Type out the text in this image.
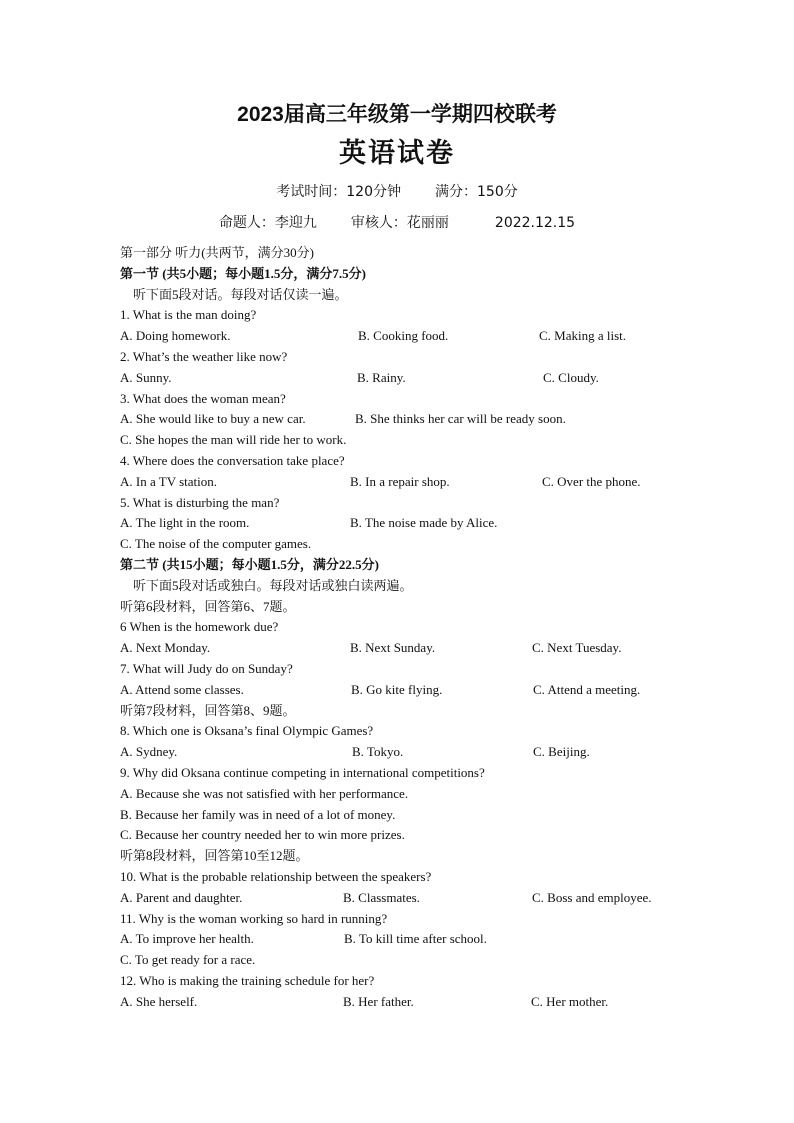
2023届高三年级第一学期四校联考
英语试卷
考试时间：120分钟 满分：150分
命题人：李迎九 审核人：花丽丽	2022.12.15
第一部分 听力(共两节，满分30分)
第一节 (共5小题；每小题1.5分，满分7.5分)
听下面5段对话。每段对话仅读一遍。
1. What is the man doing?
A. Doing homework.	B. Cooking food.	C. Making a list.
2. What’s the weather like now?
A. Sunny.	B. Rainy.	C. Cloudy.
3. What does the woman mean?
A. She would like to buy a new car.	B. She thinks her car will be ready soon.
C. She hopes the man will ride her to work.
4. Where does the conversation take place?
A. In a TV station.	B. In a repair shop.	C. Over the phone.
5. What is disturbing the man?
A. The light in the room.	B. The noise made by Alice.
C. The noise of the computer games.
第二节 (共15小题；每小题1.5分，满分22.5分)
听下面5段对话或独白。每段对话或独白读两遍。
听第6段材料，回答第6、7题。
6 When is the homework due?
A. Next Monday.	B. Next Sunday.	C. Next Tuesday.
7. What will Judy do on Sunday?
A. Attend some classes.	B. Go kite flying.	C. Attend a meeting.
听第7段材料，回答第8、9题。
8. Which one is Oksana’s final Olympic Games?
A. Sydney.	B. Tokyo.	C. Beijing.
9. Why did Oksana continue competing in international competitions?
A. Because she was not satisfied with her performance.
B. Because her family was in need of a lot of money.
C. Because her country needed her to win more prizes.
听第8段材料，回答第10至12题。
10. What is the probable relationship between the speakers?
A. Parent and daughter.	B. Classmates.	C. Boss and employee.
11. Why is the woman working so hard in running?
A. To improve her health.	B. To kill time after school.
C. To get ready for a race.
12. Who is making the training schedule for her?
A. She herself.	B. Her father.	C. Her mother.
